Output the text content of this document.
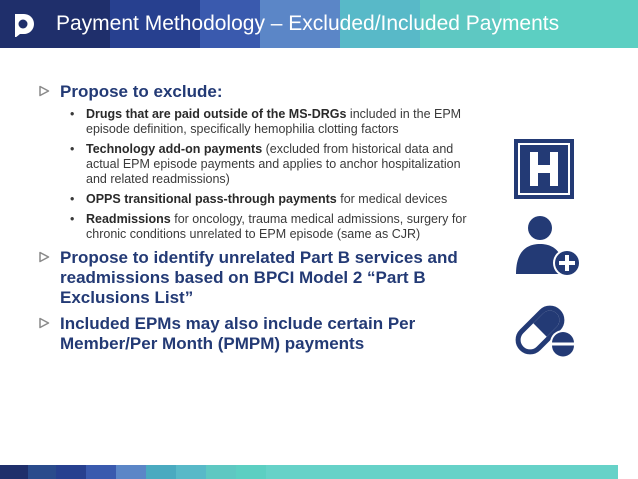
Payment Methodology – Excluded/Included Payments
Propose to exclude:
• Drugs that are paid outside of the MS-DRGs included in the EPM episode definition, specifically hemophilia clotting factors
• Technology add-on payments (excluded from historical data and actual EPM episode payments and applies to anchor hospitalization and related readmissions)
• OPPS transitional pass-through payments for medical devices
• Readmissions for oncology, trauma medical admissions, surgery for chronic conditions unrelated to EPM episode (same as CJR)
Propose to identify unrelated Part B services and readmissions based on BPCI Model 2 “Part B Exclusions List”
Included EPMs may also include certain Per Member/Per Month (PMPM) payments
